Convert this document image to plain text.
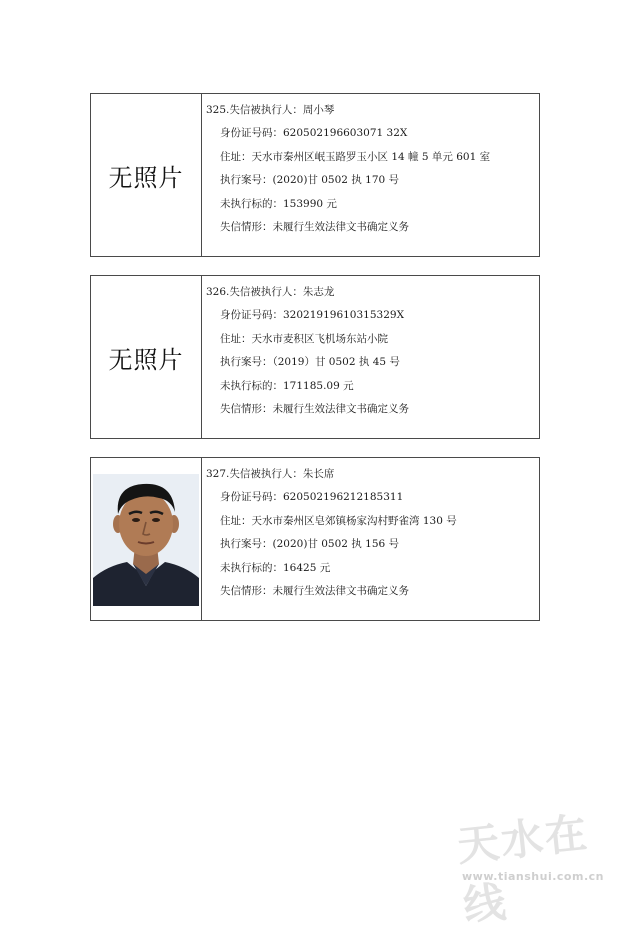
无照片
325.失信被执行人：周小琴
身份证号码：620502196603071 32X
住址：天水市秦州区岷玉路罗玉小区 14 幢 5 单元 601 室
执行案号：(2020)甘 0502 执 170 号
未执行标的：153990 元
失信情形：未履行生效法律文书确定义务
无照片
326.失信被执行人：朱志龙
身份证号码：32021919610315329X
住址：天水市麦积区飞机场东站小院
执行案号：（2019）甘 0502 执 45 号
未执行标的：171185.09 元
失信情形：未履行生效法律文书确定义务
327.失信被执行人：朱长席
身份证号码：620502196212185311
住址：天水市秦州区皂郊镇杨家沟村野雀湾 130 号
执行案号：(2020)甘 0502 执 156 号
未执行标的：16425 元
失信情形：未履行生效法律文书确定义务
天水在线
www.tianshui.com.cn
